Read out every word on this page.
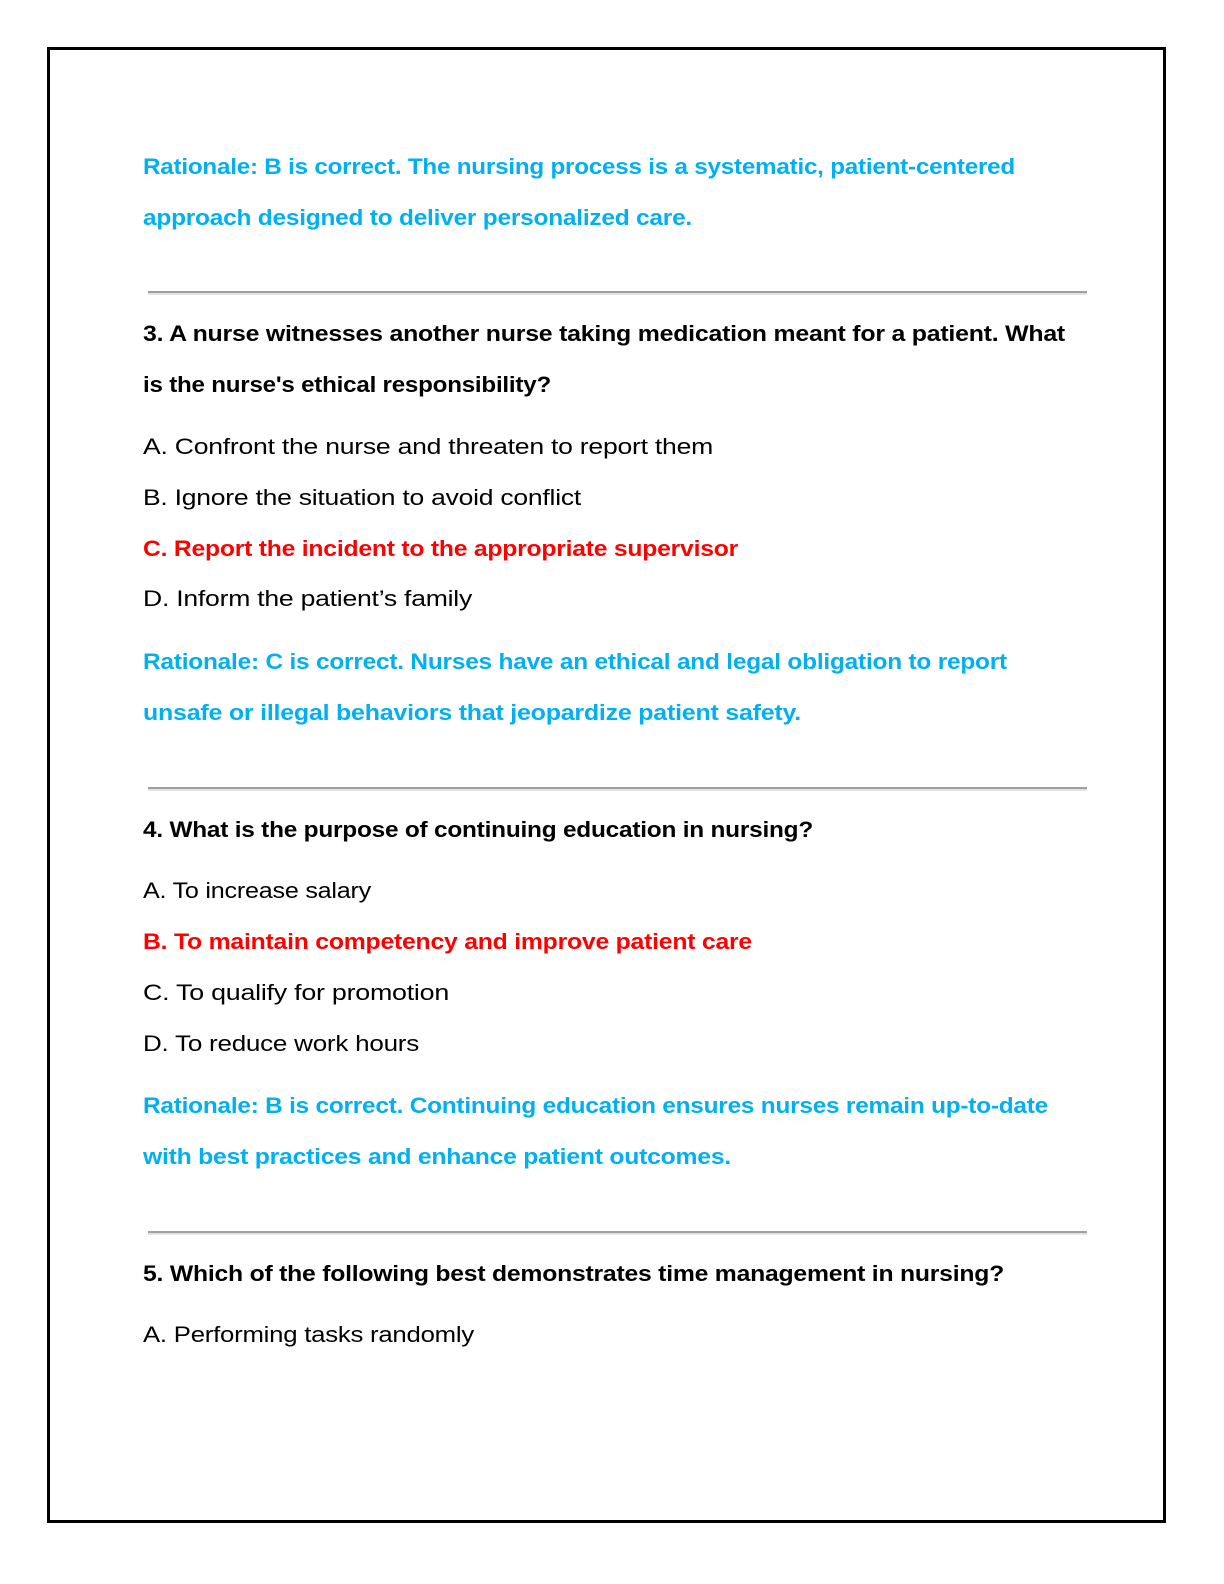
Rationale: B is correct. The nursing process is a systematic, patient-centered
approach designed to deliver personalized care.
3. A nurse witnesses another nurse taking medication meant for a patient. What
is the nurse's ethical responsibility?
A. Confront the nurse and threaten to report them
B. Ignore the situation to avoid conflict
C. Report the incident to the appropriate supervisor
D. Inform the patient’s family
Rationale: C is correct. Nurses have an ethical and legal obligation to report
unsafe or illegal behaviors that jeopardize patient safety.
4. What is the purpose of continuing education in nursing?
A. To increase salary
B. To maintain competency and improve patient care
C. To qualify for promotion
D. To reduce work hours
Rationale: B is correct. Continuing education ensures nurses remain up-to-date
with best practices and enhance patient outcomes.
5. Which of the following best demonstrates time management in nursing?
A. Performing tasks randomly
